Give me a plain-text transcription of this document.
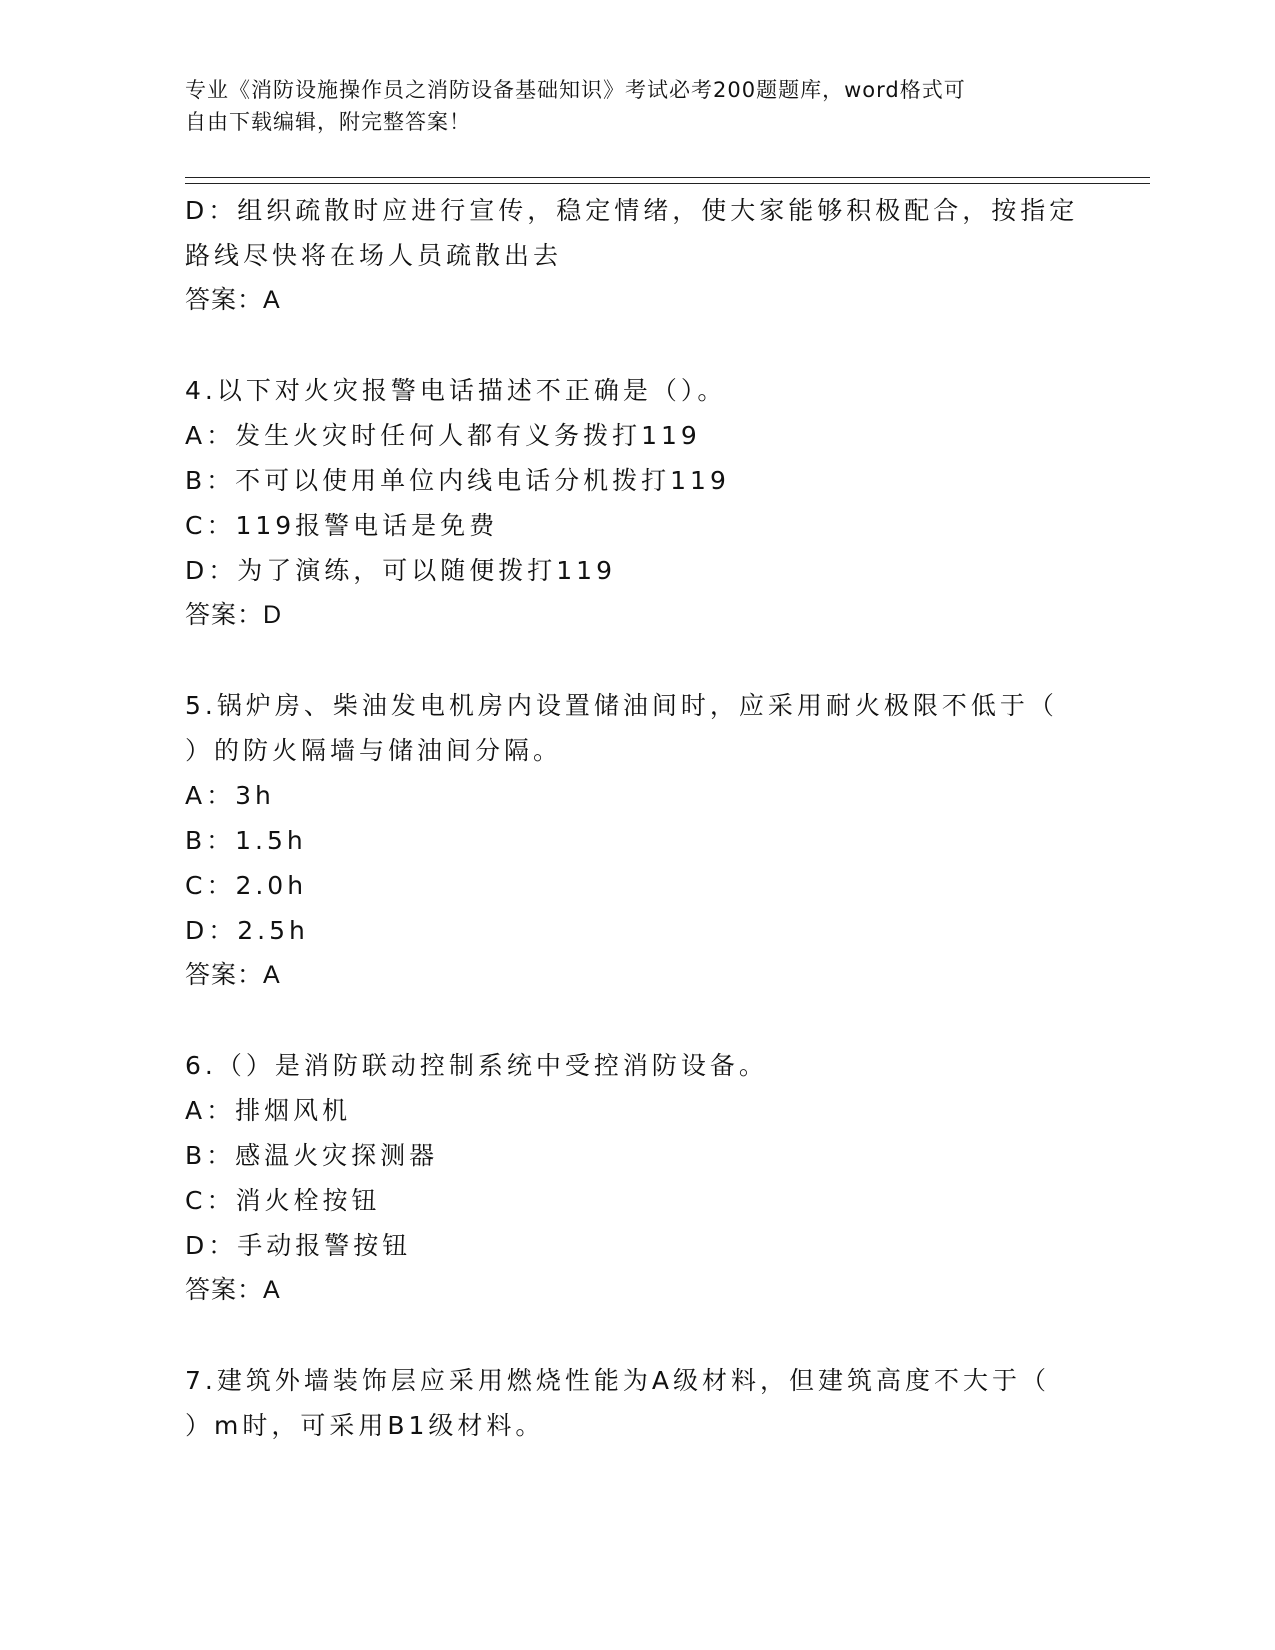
专业《消防设施操作员之消防设备基础知识》考试必考200题题库，word格式可
自由下载编辑，附完整答案！
D：组织疏散时应进行宣传，稳定情绪，使大家能够积极配合，按指定
路线尽快将在场人员疏散出去
答案：A
4.以下对火灾报警电话描述不正确是（）。
A：发生火灾时任何人都有义务拨打119
B：不可以使用单位内线电话分机拨打119
C：119报警电话是免费
D：为了演练，可以随便拨打119
答案：D
5.锅炉房、柴油发电机房内设置储油间时，应采用耐火极限不低于（
）的防火隔墙与储油间分隔。
A：3h
B：1.5h
C：2.0h
D：2.5h
答案：A
6.（）是消防联动控制系统中受控消防设备。
A：排烟风机
B：感温火灾探测器
C：消火栓按钮
D：手动报警按钮
答案：A
7.建筑外墙装饰层应采用燃烧性能为A级材料，但建筑高度不大于（
）m时，可采用B1级材料。
